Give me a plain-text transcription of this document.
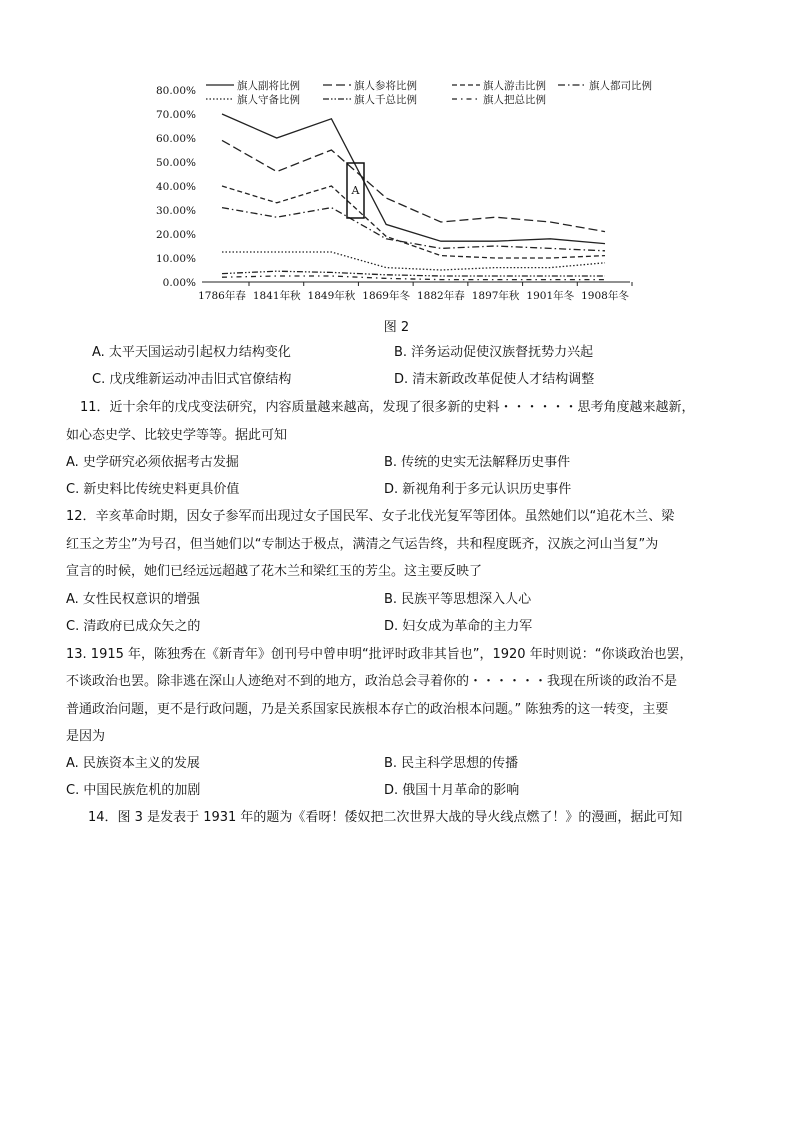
80.00%
70.00%
60.00%
50.00%
40.00%
30.00%
20.00%
10.00%
0.00%
1786年春 1841年秋 1849年秋 1869年冬 1882年春 1897年秋 1901年冬 1908年冬
旗人副将比例	旗人参将比例	旗人游击比例	旗人都司比例
旗人守备比例	旗人千总比例	旗人把总比例
A
图 2
A. 太平天国运动引起权力结构变化	B. 洋务运动促使汉族督抚势力兴起
C. 戊戌维新运动冲击旧式官僚结构	D. 清末新政改革促使人才结构调整
11．近十余年的戊戌变法研究，内容质量越来越高，发现了很多新的史料・・・・・・思考角度越来越新，
如心态史学、比较史学等等。据此可知
A. 史学研究必须依据考古发掘	B. 传统的史实无法解释历史事件
C. 新史料比传统史料更具价值	D. 新视角利于多元认识历史事件
12．辛亥革命时期，因女子参军而出现过女子国民军、女子北伐光复军等团体。虽然她们以“追花木兰、梁
红玉之芳尘”为号召，但当她们以“专制达于极点，满清之气运告终，共和程度既齐，汉族之河山当复”为
宣言的时候，她们已经远远超越了花木兰和梁红玉的芳尘。这主要反映了
A. 女性民权意识的增强	B. 民族平等思想深入人心
C. 清政府已成众矢之的	D. 妇女成为革命的主力军
13. 1915 年，陈独秀在《新青年》创刊号中曾申明“批评时政非其旨也”，1920 年时则说：“你谈政治也罢，
不谈政治也罢。除非逃在深山人迹绝对不到的地方，政治总会寻着你的・・・・・・我现在所谈的政治不是
普通政治问题，更不是行政问题，乃是关系国家民族根本存亡的政治根本问题。” 陈独秀的这一转变，主要
是因为
A. 民族资本主义的发展	B. 民主科学思想的传播
C. 中国民族危机的加剧	D. 俄国十月革命的影响
14．图 3 是发表于 1931 年的题为《看呀！倭奴把二次世界大战的导火线点燃了！》的漫画，据此可知
